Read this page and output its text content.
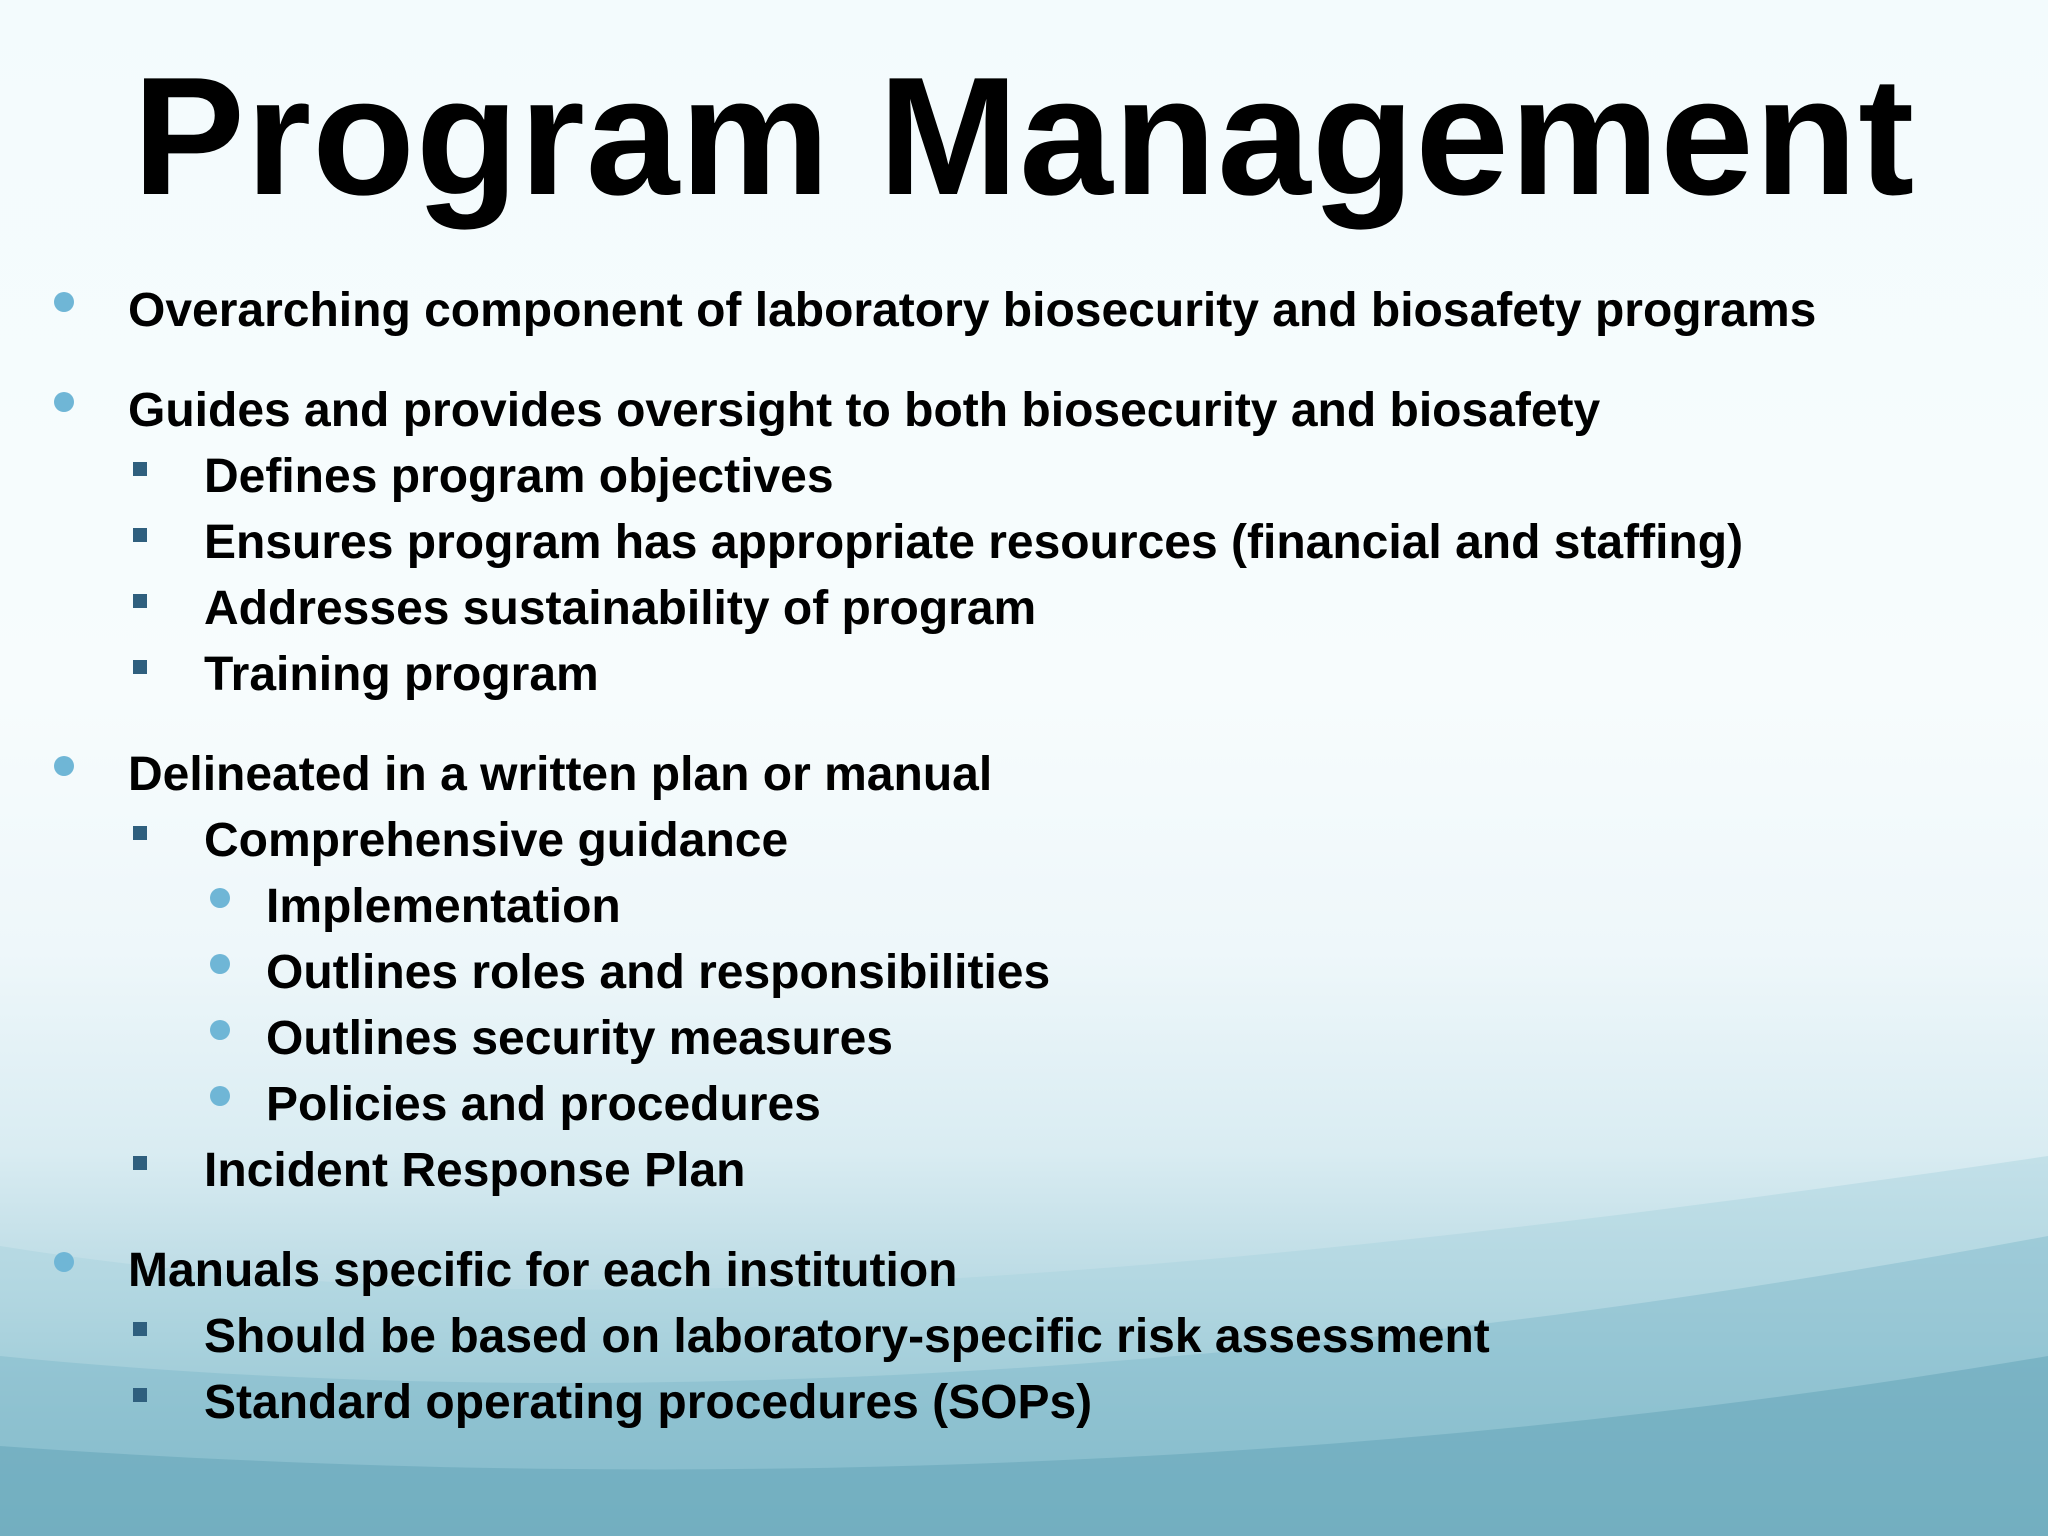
Program Management
Overarching component of laboratory biosecurity and biosafety programs
Guides and provides oversight to both biosecurity and biosafety
Defines program objectives
Ensures program has appropriate resources (financial and staffing)
Addresses sustainability of program
Training program
Delineated in a written plan or manual
Comprehensive guidance
Implementation
Outlines roles and responsibilities
Outlines security measures
Policies and procedures
Incident Response Plan
Manuals specific for each institution
Should be based on laboratory-specific risk assessment
Standard operating procedures (SOPs)
